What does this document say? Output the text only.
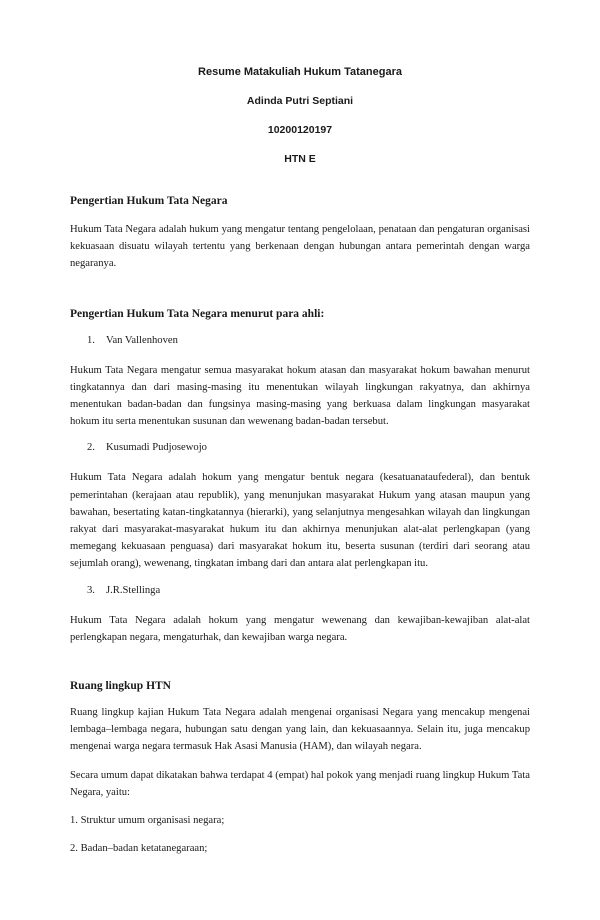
Resume Matakuliah Hukum Tatanegara
Adinda Putri Septiani
10200120197
HTN E
Pengertian Hukum Tata Negara

Hukum Tata Negara adalah hukum yang mengatur tentang pengelolaan, penataan dan pengaturan organisasi kekuasaan disuatu wilayah tertentu yang berkenaan dengan hubungan antara pemerintah dengan warga negaranya.

Pengertian Hukum Tata Negara menurut para ahli:
1. Van Vallenhoven

Hukum Tata Negara mengatur semua masyarakat hokum atasan dan masyarakat hokum bawahan menurut tingkatannya dan dari masing-masing itu menentukan wilayah lingkungan rakyatnya, dan akhirnya menentukan badan-badan dan fungsinya masing-masing yang berkuasa dalam lingkungan masyarakat hokum itu serta menentukan susunan dan wewenang badan-badan tersebut.

2. Kusumadi Pudjosewojo

Hukum Tata Negara adalah hokum yang mengatur bentuk negara (kesatuanataufederal), dan bentuk pemerintahan (kerajaan atau republik), yang menunjukan masyarakat Hukum yang atasan maupun yang bawahan, besertating katan-tingkatannya (hierarki), yang selanjutnya mengesahkan wilayah dan lingkungan rakyat dari masyarakat-masyarakat hukum itu dan akhirnya menunjukan alat-alat perlengkapan (yang memegang kekuasaan penguasa) dari masyarakat hokum itu, beserta susunan (terdiri dari seorang atau sejumlah orang), wewenang, tingkatan imbang dari dan antara alat perlengkapan itu.

3. J.R.Stellinga

Hukum Tata Negara adalah hokum yang mengatur wewenang dan kewajiban-kewajiban alat-alat perlengkapan negara, mengaturhak, dan kewajiban warga negara.

Ruang lingkup HTN

Ruang lingkup kajian Hukum Tata Negara adalah mengenai organisasi Negara yang mencakup mengenai lembaga–lembaga negara, hubungan satu dengan yang lain, dan kekuasaannya. Selain itu, juga mencakup mengenai warga negara termasuk Hak Asasi Manusia (HAM), dan wilayah negara.

Secara umum dapat dikatakan bahwa terdapat 4 (empat) hal pokok yang menjadi ruang lingkup Hukum Tata Negara, yaitu:

1. Struktur umum organisasi negara;

2. Badan–badan ketatanegaraan;
